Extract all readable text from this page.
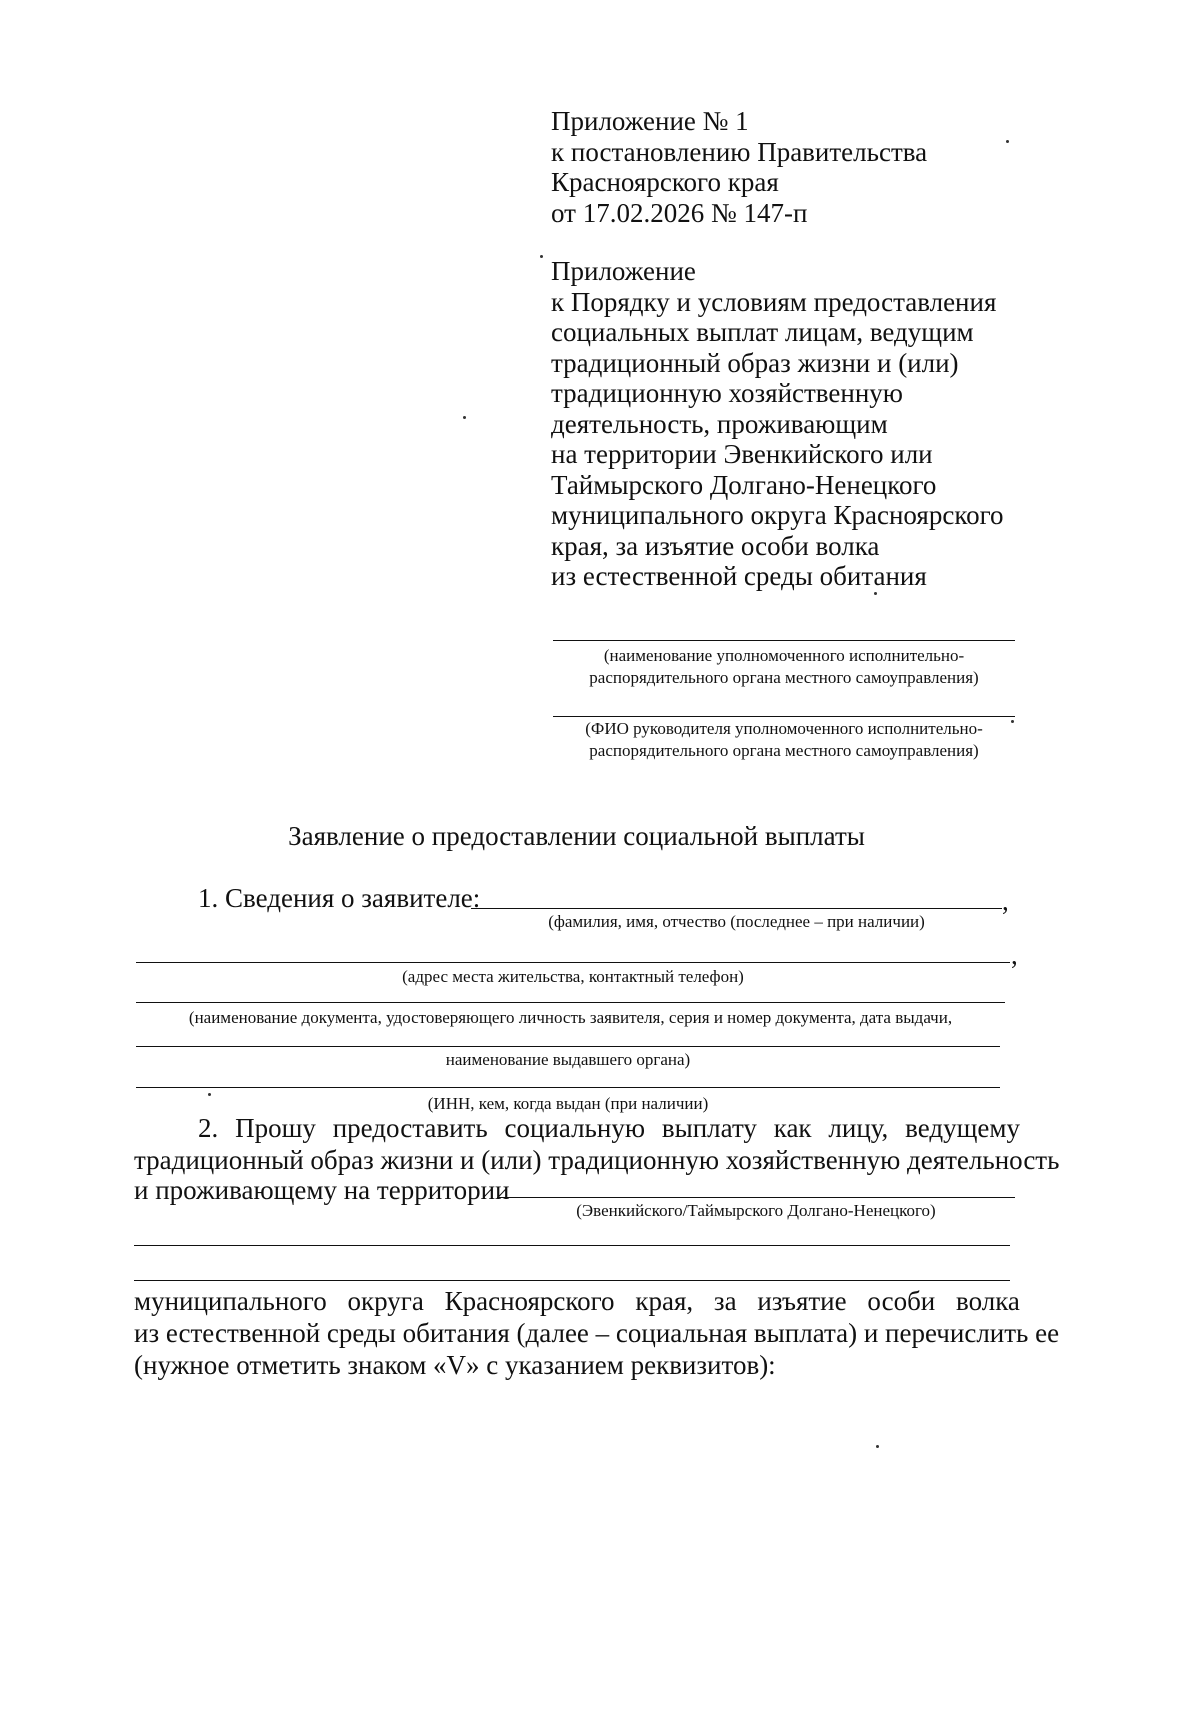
Приложение № 1
к постановлению Правительства
Красноярского края
от 17.02.2026 № 147-п
Приложение
к Порядку и условиям предоставления
социальных выплат лицам, ведущим
традиционный образ жизни и (или)
традиционную хозяйственную
деятельность, проживающим
на территории Эвенкийского или
Таймырского Долгано-Ненецкого
муниципального округа Красноярского
края, за изъятие особи волка
из естественной среды обитания
(наименование уполномоченного исполнительно-
распорядительного органа местного самоуправления)
(ФИО руководителя уполномоченного исполнительно-
распорядительного органа местного самоуправления)
Заявление о предоставлении социальной выплаты
1. Сведения о заявителе:	,
(фамилия, имя, отчество (последнее – при наличии)
,
(адрес места жительства, контактный телефон)
(наименование документа, удостоверяющего личность заявителя, серия и номер документа, дата выдачи,
наименование выдавшего органа)
(ИНН, кем, когда выдан (при наличии)
2. Прошу предоставить социальную выплату как лицу, ведущему
традиционный образ жизни и (или) традиционную хозяйственную деятельность
и проживающему на территории
(Эвенкийского/Таймырского Долгано-Ненецкого)
муниципального округа Красноярского края, за изъятие особи волка
из естественной среды обитания (далее – социальная выплата) и перечислить ее
(нужное отметить знаком «V» с указанием реквизитов):
